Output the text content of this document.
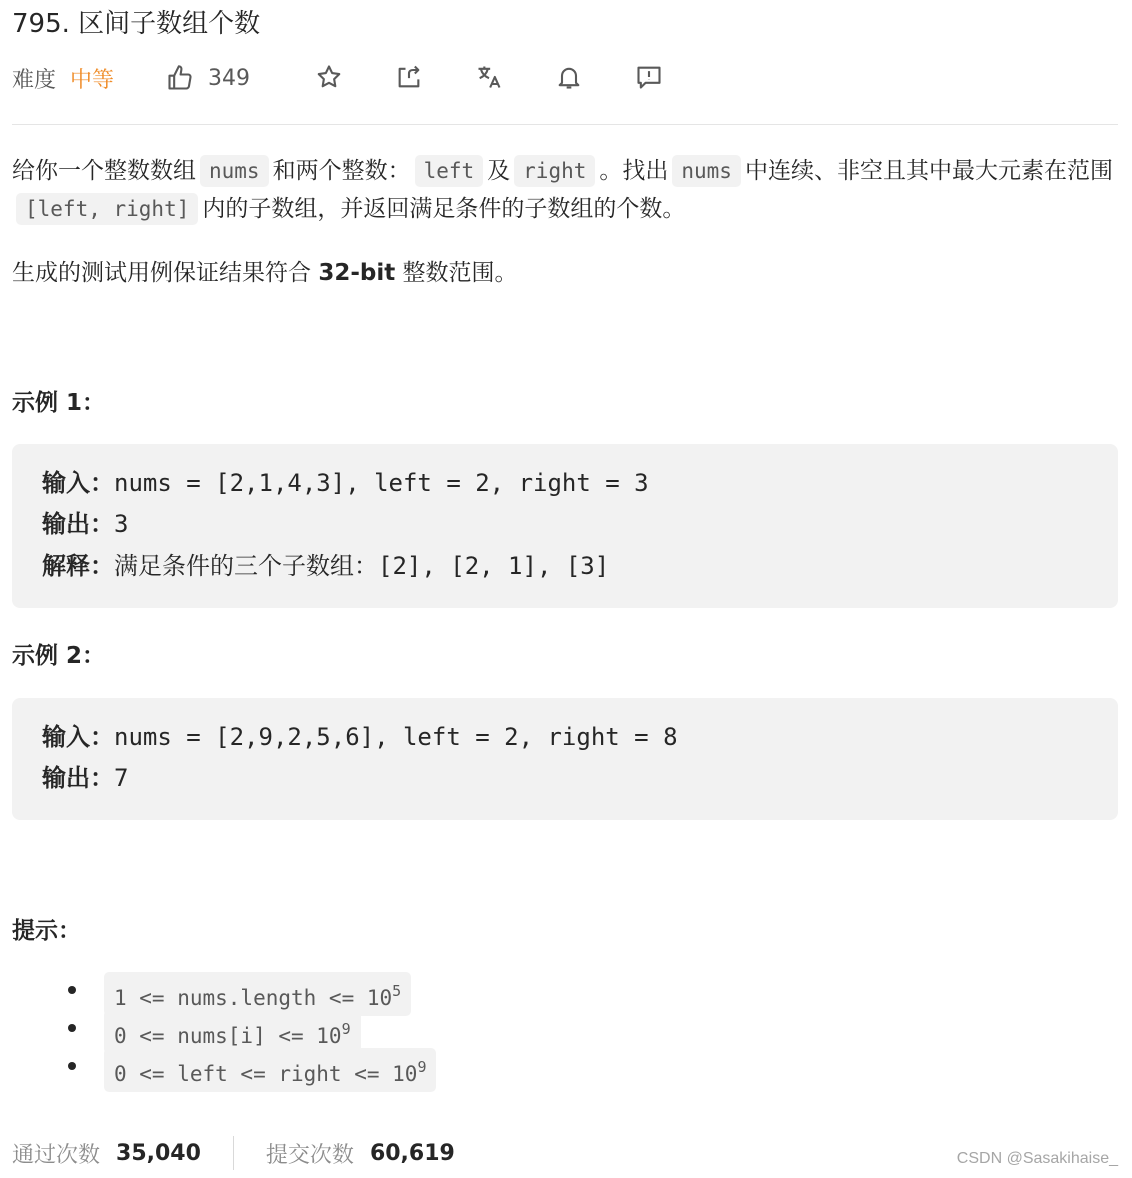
795. 区间子数组个数
难度 中等	349
给你一个整数数组 nums 和两个整数： left 及 right 。找出 nums 中连续、非空且其中最大元素在范围[left, right] 内的子数组，并返回满足条件的子数组的个数。
生成的测试用例保证结果符合 32-bit 整数范围。
示例 1：
输入：nums = [2,1,4,3], left = 2, right = 3
输出：3
解释：满足条件的三个子数组：[2], [2, 1], [3]
示例 2：
输入：nums = [2,9,2,5,6], left = 2, right = 8
输出：7
提示：
1 <= nums.length <= $10^5$
0 <= nums[i] <= $10^9$
0 <= left <= right <= $10^9$
通过次数 35,040	提交次数 60,619	CSDN @Sasakihaise_
